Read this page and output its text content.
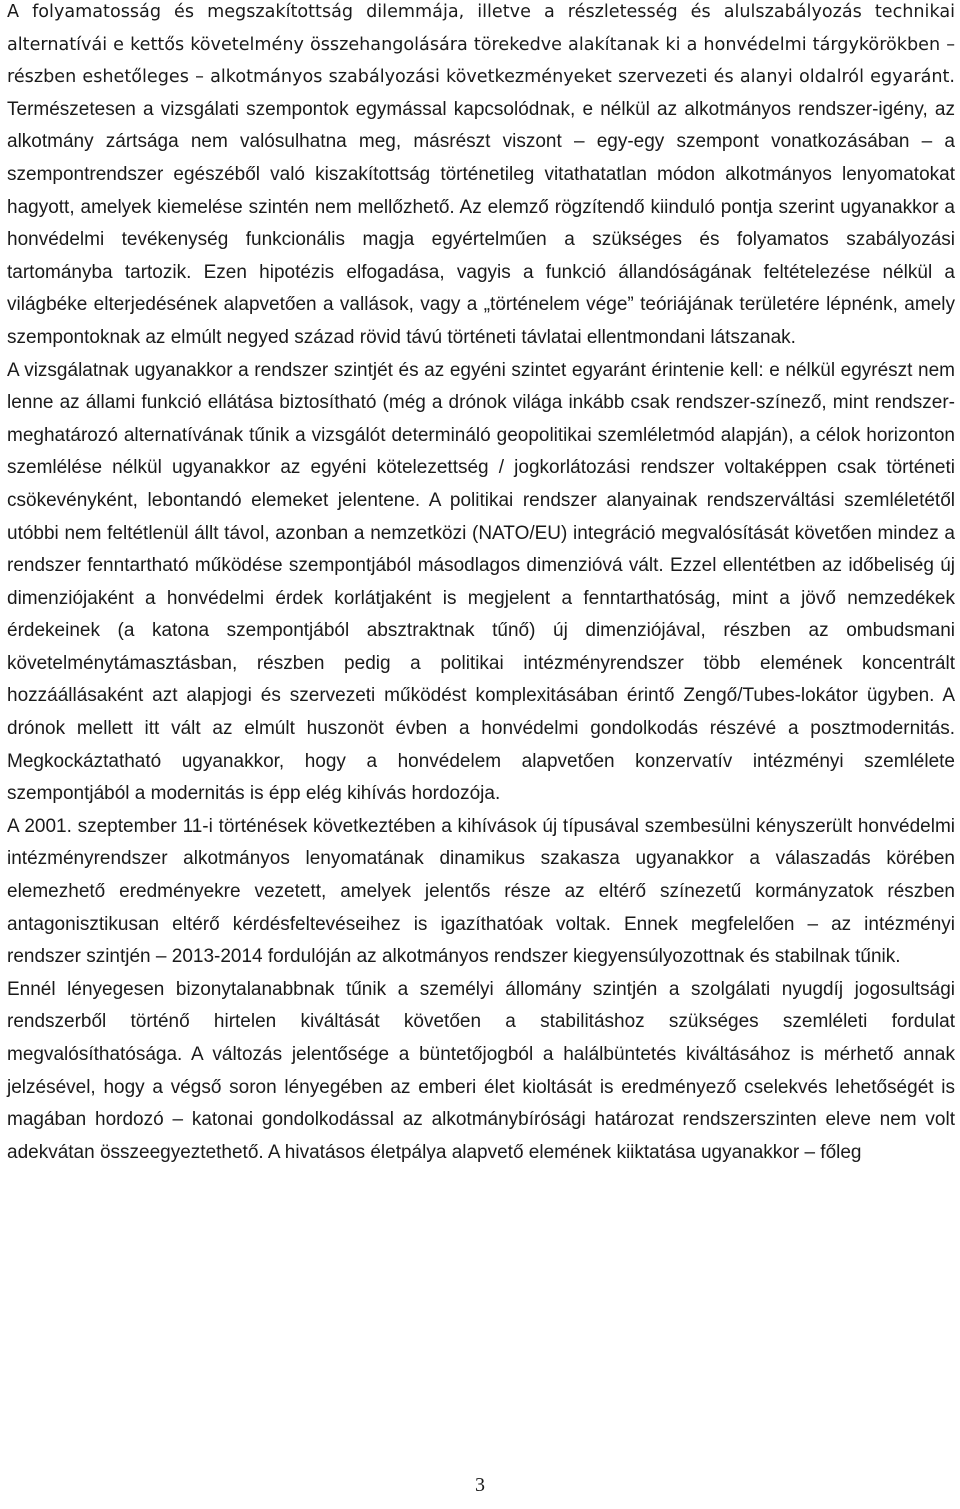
A folyamatosság és megszakítottság dilemmája, illetve a részletesség és alulszabályozás technikai alternatívái e kettős követelmény összehangolására törekedve alakítanak ki a honvédelmi tárgykörökben – részben eshetőleges – alkotmányos szabályozási következményeket szervezeti és alanyi oldalról egyaránt. Természetesen a vizsgálati szempontok egymással kapcsolódnak, e nélkül az alkotmányos rendszer-igény, az alkotmány zártsága nem valósulhatna meg, másrészt viszont – egy-egy szempont vonatkozásában – a szempontrendszer egészéből való kiszakítottság történetileg vitathatatlan módon alkotmányos lenyomatokat hagyott, amelyek kiemelése szintén nem mellőzhető. Az elemző rögzítendő kiinduló pontja szerint ugyanakkor a honvédelmi tevékenység funkcionális magja egyértelműen a szükséges és folyamatos szabályozási tartományba tartozik. Ezen hipotézis elfogadása, vagyis a funkció állandóságának feltételezése nélkül a világbéke elterjedésének alapvetően a vallások, vagy a „történelem vége” teóriájának területére lépnénk, amely szempontoknak az elmúlt negyed század rövid távú történeti távlatai ellentmondani látszanak.

A vizsgálatnak ugyanakkor a rendszer szintjét és az egyéni szintet egyaránt érintenie kell: e nélkül egyrészt nem lenne az állami funkció ellátása biztosítható (még a drónok világa inkább csak rendszer-színező, mint rendszer-meghatározó alternatívának tűnik a vizsgálót determináló geopolitikai szemléletmód alapján), a célok horizonton szemlélése nélkül ugyanakkor az egyéni kötelezettség / jogkorlátozási rendszer voltaképpen csak történeti csökevényként, lebontandó elemeket jelentene. A politikai rendszer alanyainak rendszerváltási szemléletétől utóbbi nem feltétlenül állt távol, azonban a nemzetközi (NATO/EU) integráció megvalósítását követően mindez a rendszer fenntartható működése szempontjából másodlagos dimenzióvá vált. Ezzel ellentétben az időbeliség új dimenziójaként a honvédelmi érdek korlátjaként is megjelent a fenntarthatóság, mint a jövő nemzedékek érdekeinek (a katona szempontjából absztraktnak tűnő) új dimenziójával, részben az ombudsmani követelménytámasztásban, részben pedig a politikai intézményrendszer több elemének koncentrált hozzáállásaként azt alapjogi és szervezeti működést komplexitásában érintő Zengő/Tubes-lokátor ügyben. A drónok mellett itt vált az elmúlt huszonöt évben a honvédelmi gondolkodás részévé a posztmodernitás. Megkockáztatható ugyanakkor, hogy a honvédelem alapvetően konzervatív intézményi szemlélete szempontjából a modernitás is épp elég kihívás hordozója.

A 2001. szeptember 11-i történések következtében a kihívások új típusával szembesülni kényszerült honvédelmi intézményrendszer alkotmányos lenyomatának dinamikus szakasza ugyanakkor a válaszadás körében elemezhető eredményekre vezetett, amelyek jelentős része az eltérő színezetű kormányzatok részben antagonisztikusan eltérő kérdésfeltevéseihez is igazíthatóak voltak. Ennek megfelelően – az intézményi rendszer szintjén – 2013-2014 fordulóján az alkotmányos rendszer kiegyensúlyozottnak és stabilnak tűnik.

Ennél lényegesen bizonytalanabbnak tűnik a személyi állomány szintjén a szolgálati nyugdíj jogosultsági rendszerből történő hirtelen kiváltását követően a stabilitáshoz szükséges szemléleti fordulat megvalósíthatósága. A változás jelentősége a büntetőjogból a halálbüntetés kiváltásához is mérhető annak jelzésével, hogy a végső soron lényegében az emberi élet kioltását is eredményező cselekvés lehetőségét is magában hordozó – katonai gondolkodással az alkotmánybírósági határozat rendszerszinten eleve nem volt adekvátan összeegyeztethető. A hivatásos életpálya alapvető elemének kiiktatása ugyanakkor – főleg

3
